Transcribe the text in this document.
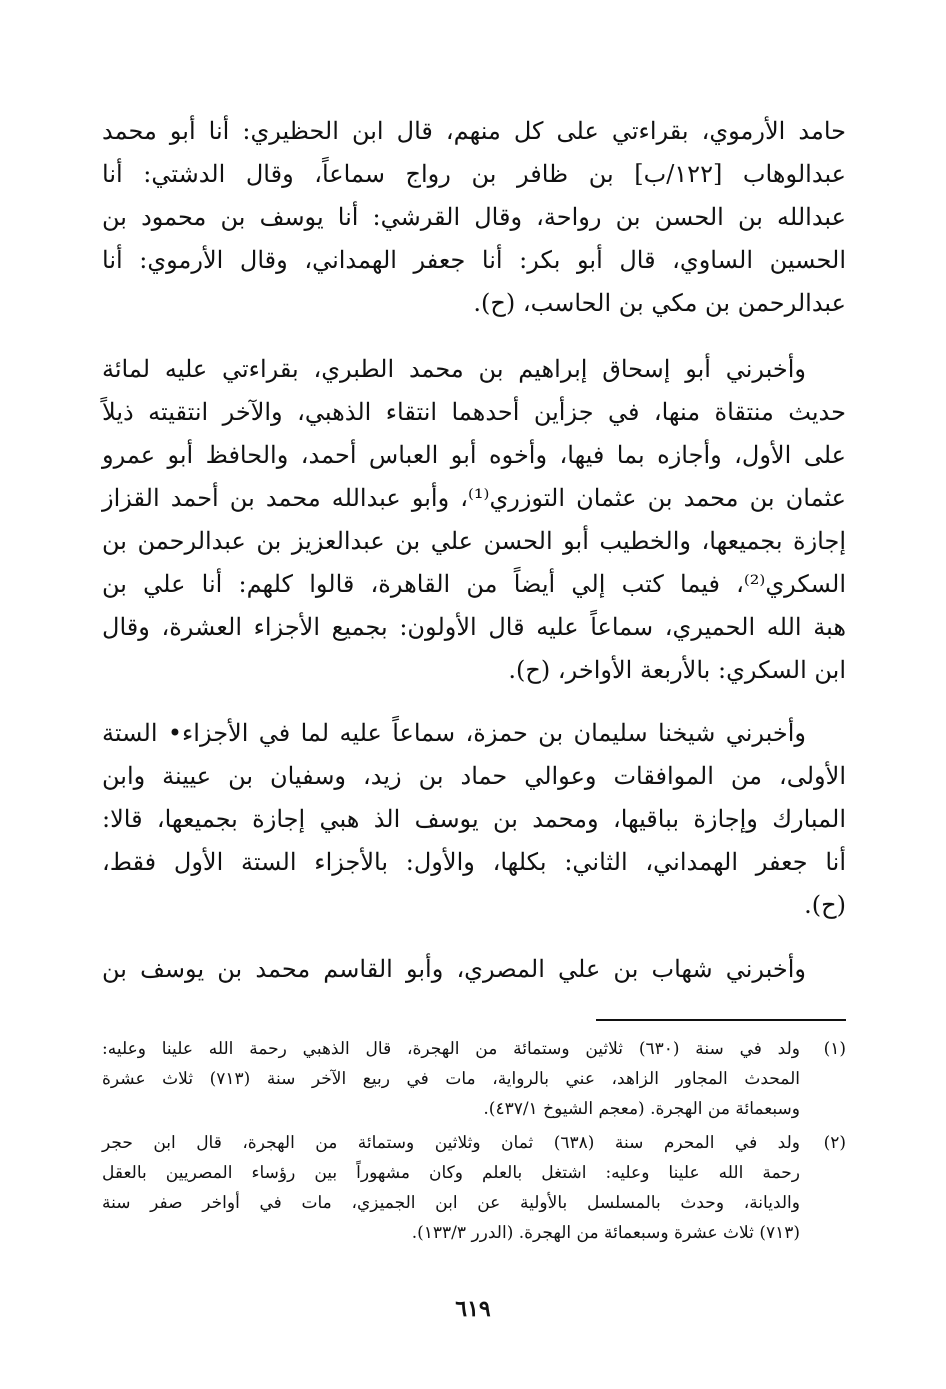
حامد الأرموي، بقراءتي على كل منهم، قال ابن الحظيري: أنا أبو محمد
عبدالوهاب [١٢٢/ب] بن ظافر بن رواج سماعاً، وقال الدشتي: أنا
عبدالله بن الحسن بن رواحة، وقال القرشي: أنا يوسف بن محمود بن
الحسين الساوي، قال أبو بكر: أنا جعفر الهمداني، وقال الأرموي: أنا
عبدالرحمن بن مكي بن الحاسب، (ح).

وأخبرني أبو إسحاق إبراهيم بن محمد الطبري، بقراءتي عليه لمائة
حديث منتقاة منها، في جزأين أحدهما انتقاء الذهبي، والآخر انتقيته ذيلاً
على الأول، وأجازه بما فيها، وأخوه أبو العباس أحمد، والحافظ أبو عمرو
عثمان بن محمد بن عثمان التوزري⁽¹⁾، وأبو عبدالله محمد بن أحمد القزاز
إجازة بجميعها، والخطيب أبو الحسن علي بن عبدالعزيز بن عبدالرحمن بن
السكري⁽²⁾، فيما كتب إلي أيضاً من القاهرة، قالوا كلهم: أنا علي بن
هبة الله الحميري، سماعاً عليه قال الأولون: بجميع الأجزاء العشرة، وقال
ابن السكري: بالأربعة الأواخر، (ح).

وأخبرني شيخنا سليمان بن حمزة، سماعاً عليه لما في الأجزاء• الستة
الأولى، من الموافقات وعوالي حماد بن زيد، وسفيان بن عيينة وابن
المبارك وإجازة بباقيها، ومحمد بن يوسف الذ هبي إجازة بجميعها، قالا:
أنا جعفر الهمداني، الثاني: بكلها، والأول: بالأجزاء الستة الأول فقط،
(ح).

وأخبرني شهاب بن علي المصري، وأبو القاسم محمد بن يوسف بن

(١)
ولد في سنة (٦٣٠) ثلاثين وستمائة من الهجرة، قال الذهبي رحمة الله علينا وعليه:
المحدث المجاور الزاهد، عني بالرواية، مات في ربيع الآخر سنة (٧١٣) ثلاث عشرة
وسبعمائة من الهجرة. (معجم الشيوخ ٤٣٧/١).
(٢)
ولد في المحرم سنة (٦٣٨) ثمان وثلاثين وستمائة من الهجرة، قال ابن حجر
رحمة الله علينا وعليه: اشتغل بالعلم وكان مشهوراً بين رؤساء المصريين بالعقل
والديانة، وحدث بالمسلسل بالأولية عن ابن الجميزي، مات في أواخر صفر سنة
(٧١٣) ثلاث عشرة وسبعمائة من الهجرة. (الدرر ١٣٣/٣).
٦١٩
